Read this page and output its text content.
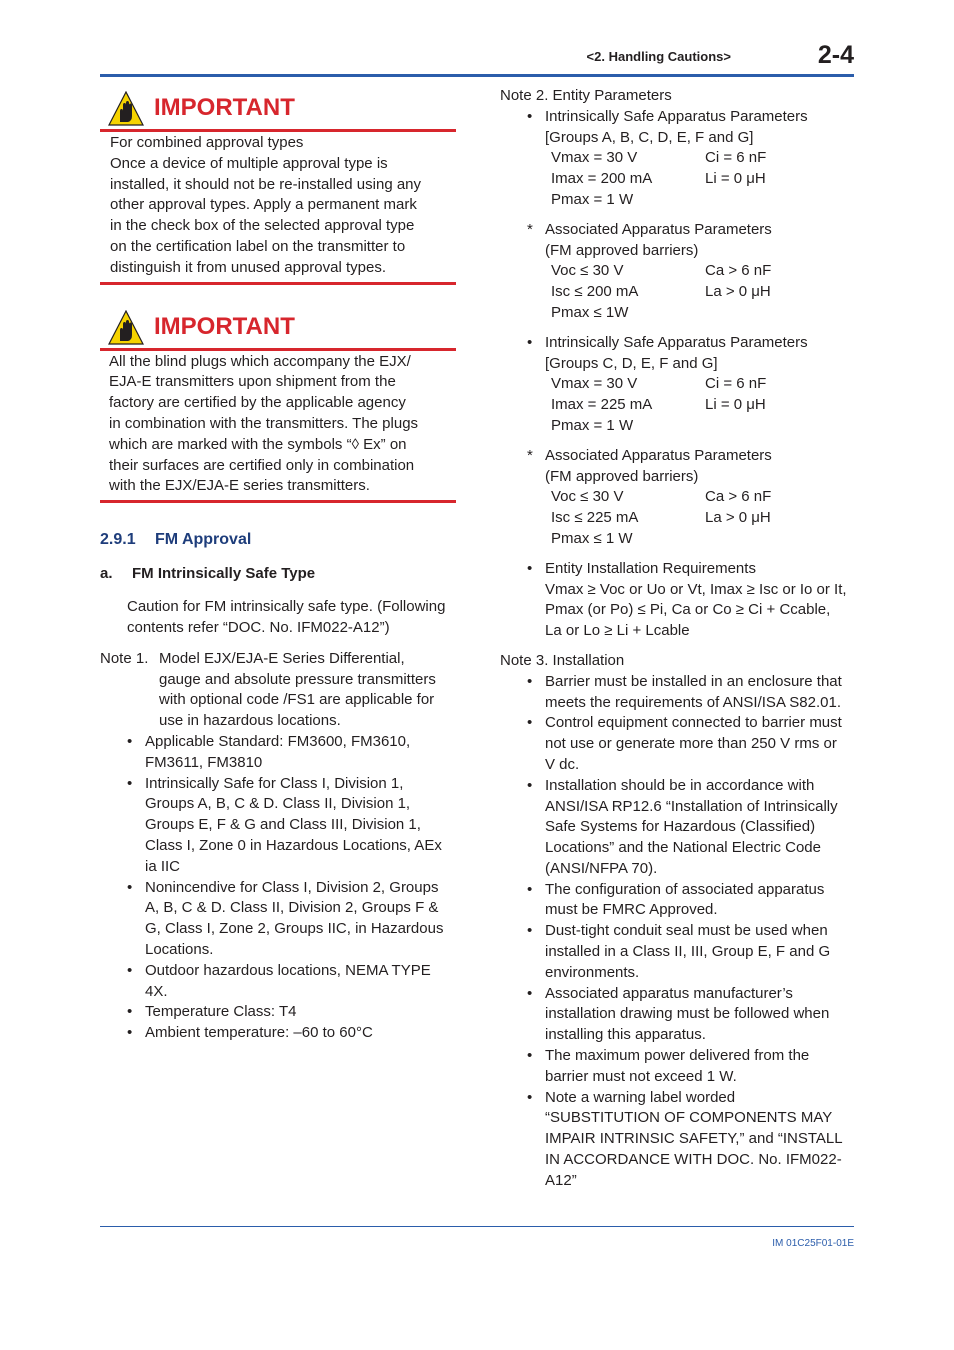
<2. Handling Cautions>	2-4
IMPORTANT

For combined approval types

Once a device of multiple approval type is

installed, it should not be re-installed using any

other approval types. Apply a permanent mark

in the check box of the selected approval type

on the certification label on the transmitter to

distinguish it from unused approval types.

IMPORTANT

All the blind plugs which accompany the EJX/

EJA-E transmitters upon shipment from the

factory are certified by the applicable agency

in combination with the transmitters. The plugs

which are marked with the symbols “◊ Ex” on

their surfaces are certified only in combination

with the EJX/EJA-E series transmitters.

2.9.1 FM Approval
a. FM Intrinsically Safe Type

Caution for FM intrinsically safe type. (Following

contents refer “DOC. No. IFM022-A12”)

Note 1. Model EJX/EJA-E Series Differential,

gauge and absolute pressure transmitters

with optional code /FS1 are applicable for

use in hazardous locations.

• Applicable Standard: FM3600, FM3610,

FM3611, FM3810

• Intrinsically Safe for Class I, Division 1,

Groups A, B, C & D. Class II, Division 1,

Groups E, F & G and Class III, Division 1,

Class I, Zone 0 in Hazardous Locations, AEx

ia IIC

• Nonincendive for Class I, Division 2, Groups

A, B, C & D. Class II, Division 2, Groups F &

G, Class I, Zone 2, Groups IIC, in Hazardous

Locations.

• Outdoor hazardous locations, NEMA TYPE

4X.

• Temperature Class: T4

• Ambient temperature: –60 to 60°C

Note 2. Entity Parameters
• Intrinsically Safe Apparatus Parameters

[Groups A, B, C, D, E, F and G]

Vmax = 30 V	Ci = 6 nF
Imax = 200 mA	Li = 0 μH
Pmax = 1 W
* Associated Apparatus Parameters

(FM approved barriers)

Voc ≤ 30 V	Ca > 6 nF
Isc ≤ 200 mA	La > 0 μH
Pmax ≤ 1W
• Intrinsically Safe Apparatus Parameters

[Groups C, D, E, F and G]

Vmax = 30 V	Ci = 6 nF
Imax = 225 mA	Li = 0 μH
Pmax = 1 W
* Associated Apparatus Parameters

(FM approved barriers)

Voc ≤ 30 V	Ca > 6 nF
Isc ≤ 225 mA	La > 0 μH
Pmax ≤ 1 W
• Entity Installation Requirements

Vmax ≥ Voc or Uo or Vt, Imax ≥ Isc or Io or It,

Pmax (or Po) ≤ Pi, Ca or Co ≥ Ci + Ccable,

La or Lo ≥ Li + Lcable

Note 3. Installation
• Barrier must be installed in an enclosure that

meets the requirements of ANSI/ISA S82.01.

• Control equipment connected to barrier must

not use or generate more than 250 V rms or

V dc.

• Installation should be in accordance with

ANSI/ISA RP12.6 “Installation of Intrinsically

Safe Systems for Hazardous (Classified)

Locations” and the National Electric Code

(ANSI/NFPA 70).

• The configuration of associated apparatus

must be FMRC Approved.

• Dust-tight conduit seal must be used when

installed in a Class II, III, Group E, F and G

environments.

• Associated apparatus manufacturer’s

installation drawing must be followed when

installing this apparatus.

• The maximum power delivered from the

barrier must not exceed 1 W.

• Note a warning label worded

“SUBSTITUTION OF COMPONENTS MAY

IMPAIR INTRINSIC SAFETY,” and “INSTALL

IN ACCORDANCE WITH DOC. No. IFM022-

A12”

IM 01C25F01-01E
